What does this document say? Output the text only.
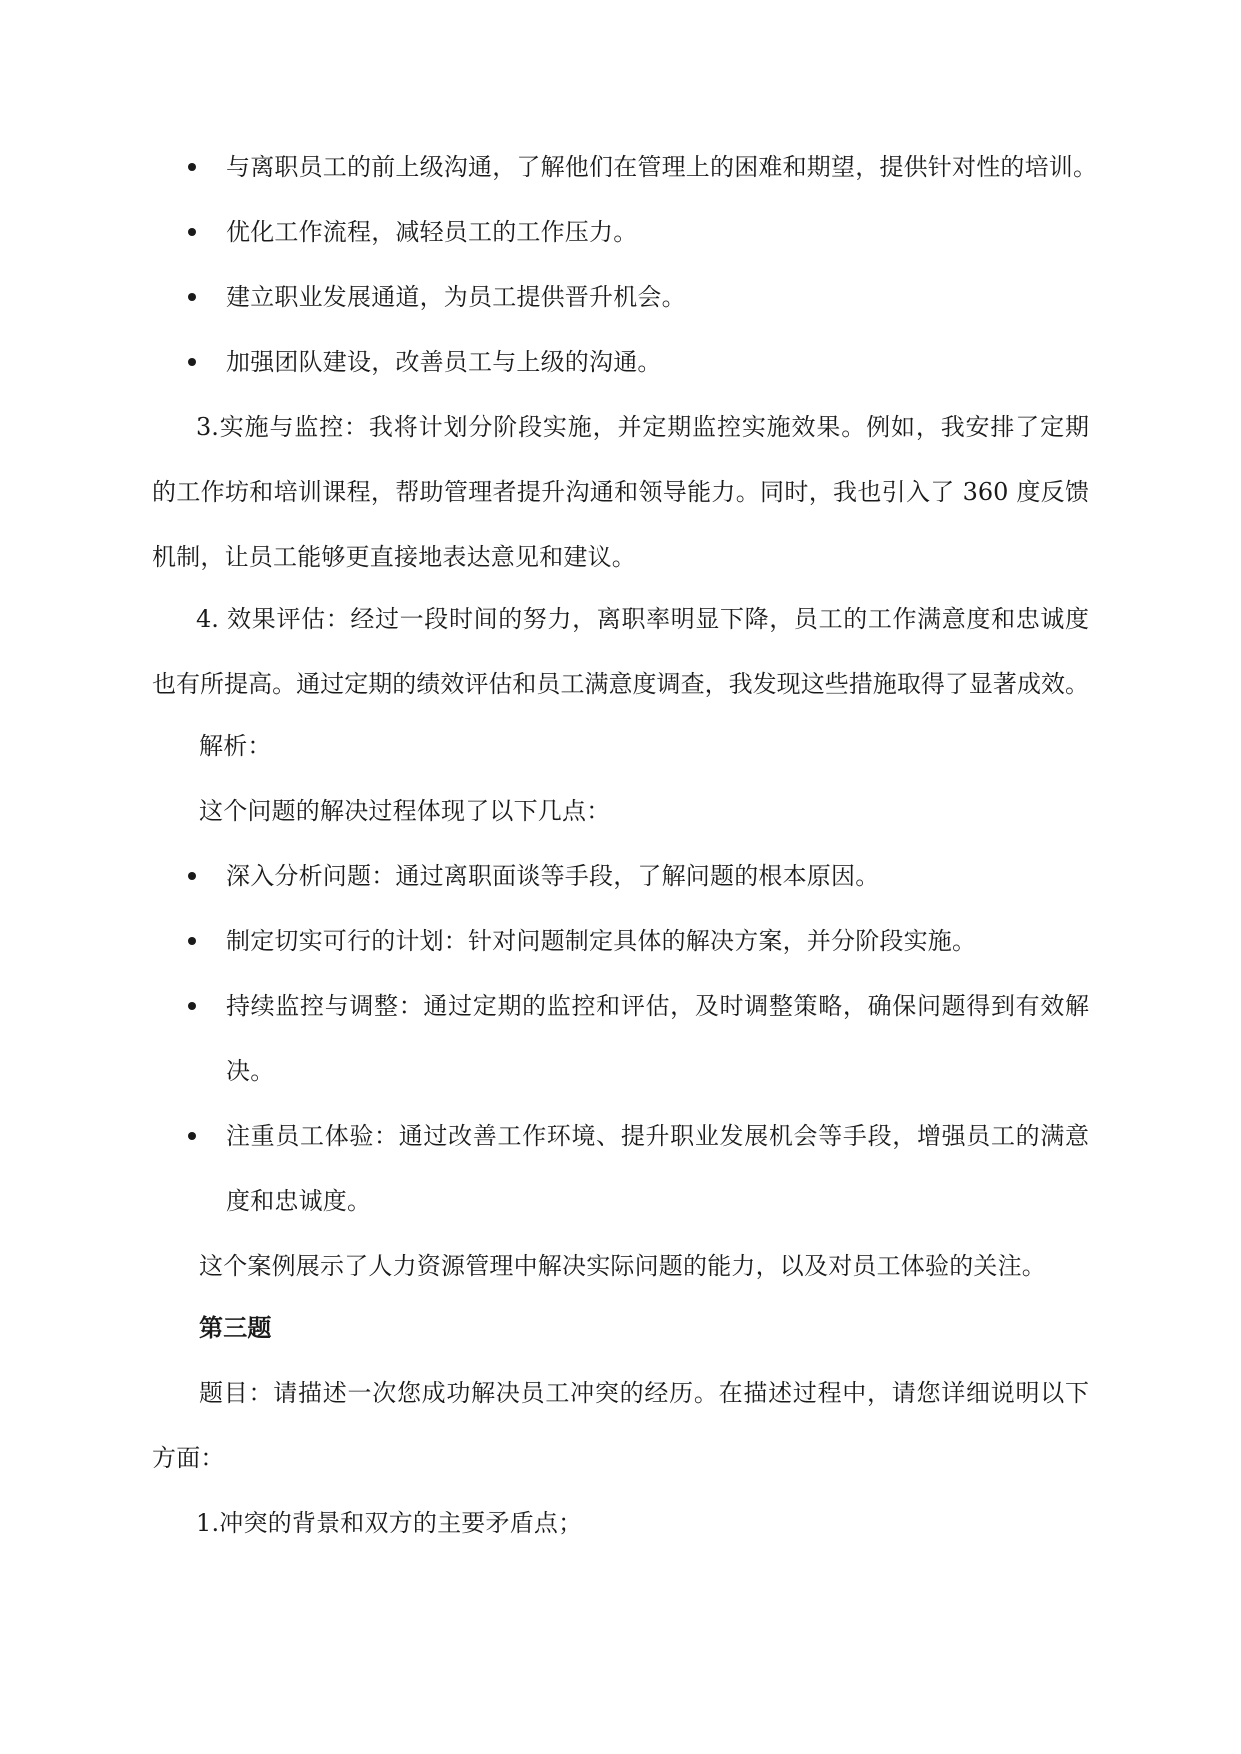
与离职员工的前上级沟通，了解他们在管理上的困难和期望，提供针对性的培训。
优化工作流程，减轻员工的工作压力。
建立职业发展通道，为员工提供晋升机会。
加强团队建设，改善员工与上级的沟通。
3.实施与监控：我将计划分阶段实施，并定期监控实施效果。例如，我安排了定期
的工作坊和培训课程，帮助管理者提升沟通和领导能力。同时，我也引入了 360 度反馈
机制，让员工能够更直接地表达意见和建议。
4. 效果评估：经过一段时间的努力，离职率明显下降，员工的工作满意度和忠诚度
也有所提高。通过定期的绩效评估和员工满意度调查，我发现这些措施取得了显著成效。
解析：
这个问题的解决过程体现了以下几点：
深入分析问题：通过离职面谈等手段，了解问题的根本原因。
制定切实可行的计划：针对问题制定具体的解决方案，并分阶段实施。
持续监控与调整：通过定期的监控和评估，及时调整策略，确保问题得到有效解
决。
注重员工体验：通过改善工作环境、提升职业发展机会等手段，增强员工的满意
度和忠诚度。
这个案例展示了人力资源管理中解决实际问题的能力，以及对员工体验的关注。
第三题
题目：请描述一次您成功解决员工冲突的经历。在描述过程中，请您详细说明以下
方面：
1.冲突的背景和双方的主要矛盾点；
